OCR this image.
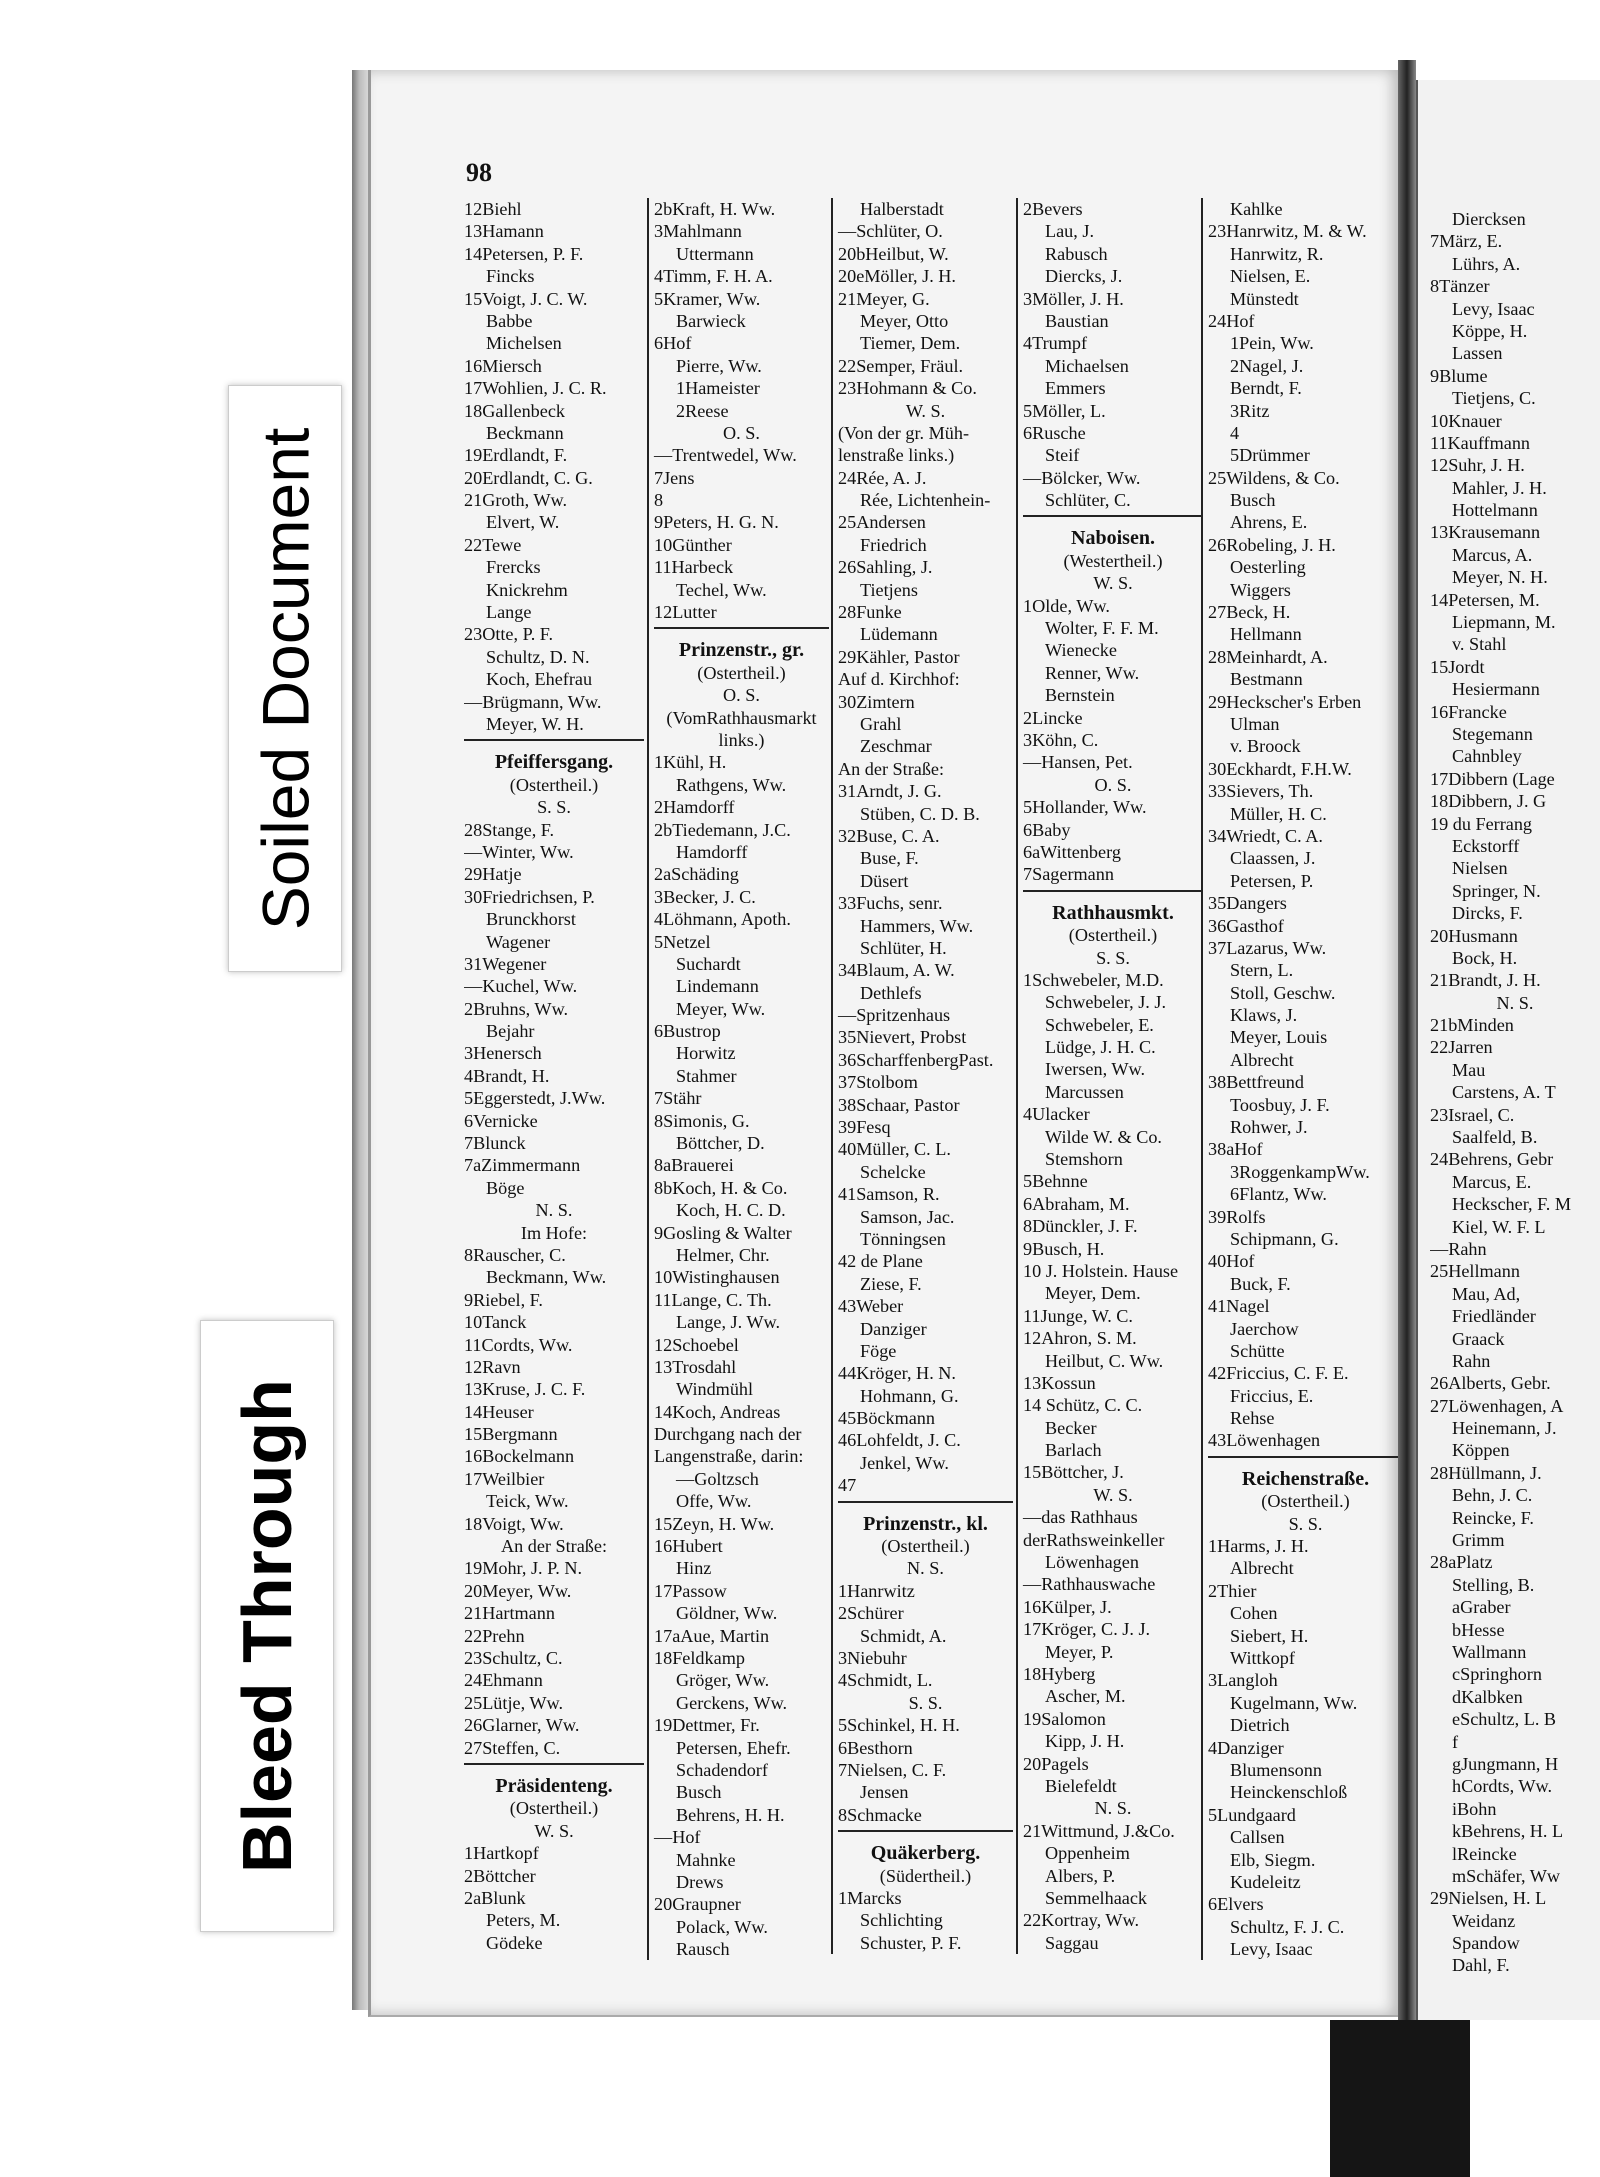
98
12Biehl
13Hamann
14Petersen, P. F.
Fincks
15Voigt, J. C. W.
Babbe
Michelsen
16Miersch
17Wohlien, J. C. R.
18Gallenbeck
Beckmann
19Erdlandt, F.
20Erdlandt, C. G.
21Groth, Ww.
Elvert, W.
22Tewe
Frercks
Knickrehm
Lange
23Otte, P. F.
Schultz, D. N.
Koch, Ehefrau
—Brügmann, Ww.
Meyer, W. H.
Pfeiffersgang.
(Ostertheil.)
S. S.
28Stange, F.
—Winter, Ww.
29Hatje
30Friedrichsen, P.
Brunckhorst
Wagener
31Wegener
—Kuchel, Ww.
2Bruhns, Ww.
Bejahr
3Henersch
4Brandt, H.
5Eggerstedt, J.Ww.
6Vernicke
7Blunck
7aZimmermann
Böge
N. S.
Im Hofe:
8Rauscher, C.
Beckmann, Ww.
9Riebel, F.
10Tanck
11Cordts, Ww.
12Ravn
13Kruse, J. C. F.
14Heuser
15Bergmann
16Bockelmann
17Weilbier
Teick, Ww.
18Voigt, Ww.
An der Straße:
19Mohr, J. P. N.
20Meyer, Ww.
21Hartmann
22Prehn
23Schultz, C.
24Ehmann
25Lütje, Ww.
26Glarner, Ww.
27Steffen, C.
Präsidenteng.
(Ostertheil.)
W. S.
1Hartkopf
2Böttcher
2aBlunk
Peters, M.
Gödeke
2bKraft, H. Ww.
3Mahlmann
Uttermann
4Timm, F. H. A.
5Kramer, Ww.
Barwieck
6Hof
Pierre, Ww.
1Hameister
2Reese
O. S.
—Trentwedel, Ww.
7Jens
8
9Peters, H. G. N.
10Günther
11Harbeck
Techel, Ww.
12Lutter
Prinzenstr., gr.
(Ostertheil.)
O. S.
(VomRathhausmarkt
links.)
1Kühl, H.
Rathgens, Ww.
2Hamdorff
2bTiedemann, J.C.
Hamdorff
2aSchäding
3Becker, J. C.
4Löhmann, Apoth.
5Netzel
Suchardt
Lindemann
Meyer, Ww.
6Bustrop
Horwitz
Stahmer
7Stähr
8Simonis, G.
Böttcher, D.
8aBrauerei
8bKoch, H. & Co.
Koch, H. C. D.
9Gosling & Walter
Helmer, Chr.
10Wistinghausen
11Lange, C. Th.
Lange, J. Ww.
12Schoebel
13Trosdahl
Windmühl
14Koch, Andreas
Durchgang nach der
Langenstraße, darin:
—Goltzsch
Offe, Ww.
15Zeyn, H. Ww.
16Hubert
Hinz
17Passow
Göldner, Ww.
17aAue, Martin
18Feldkamp
Gröger, Ww.
Gerckens, Ww.
19Dettmer, Fr.
Petersen, Ehefr.
Schadendorf
Busch
Behrens, H. H.
—Hof
Mahnke
Drews
20Graupner
Polack, Ww.
Rausch
Halberstadt
—Schlüter, O.
20bHeilbut, W.
20eMöller, J. H.
21Meyer, G.
Meyer, Otto
Tiemer, Dem.
22Semper, Fräul.
23Hohmann & Co.
W. S.
(Von der gr. Müh-
lenstraße links.)
24Rée, A. J.
Rée, Lichtenhein-
25Andersen
Friedrich
26Sahling, J.
Tietjens
28Funke
Lüdemann
29Kähler, Pastor
Auf d. Kirchhof:
30Zimtern
Grahl
Zeschmar
An der Straße:
31Arndt, J. G.
Stüben, C. D. B.
32Buse, C. A.
Buse, F.
Düsert
33Fuchs, senr.
Hammers, Ww.
Schlüter, H.
34Blaum, A. W.
Dethlefs
—Spritzenhaus
35Nievert, Probst
36ScharffenbergPast.
37Stolbom
38Schaar, Pastor
39Fesq
40Müller, C. L.
Schelcke
41Samson, R.
Samson, Jac.
Tönningsen
42 de Plane
Ziese, F.
43Weber
Danziger
Föge
44Kröger, H. N.
Hohmann, G.
45Böckmann
46Lohfeldt, J. C.
Jenkel, Ww.
47
Prinzenstr., kl.
(Ostertheil.)
N. S.
1Hanrwitz
2Schürer
Schmidt, A.
3Niebuhr
4Schmidt, L.
S. S.
5Schinkel, H. H.
6Besthorn
7Nielsen, C. F.
Jensen
8Schmacke
Quäkerberg.
(Südertheil.)
1Marcks
Schlichting
Schuster, P. F.
2Bevers
Lau, J.
Rabusch
Diercks, J.
3Möller, J. H.
Baustian
4Trumpf
Michaelsen
Emmers
5Möller, L.
6Rusche
Steif
—Bölcker, Ww.
Schlüter, C.
Naboisen.
(Westertheil.)
W. S.
1Olde, Ww.
Wolter, F. F. M.
Wienecke
Renner, Ww.
Bernstein
2Lincke
3Köhn, C.
—Hansen, Pet.
O. S.
5Hollander, Ww.
6Baby
6aWittenberg
7Sagermann
Rathhausmkt.
(Ostertheil.)
S. S.
1Schwebeler, M.D.
Schwebeler, J. J.
Schwebeler, E.
Lüdge, J. H. C.
Iwersen, Ww.
Marcussen
4Ulacker
Wilde W. & Co.
Stemshorn
5Behnne
6Abraham, M.
8Dünckler, J. F.
9Busch, H.
10 J. Holstein. Hause
Meyer, Dem.
11Junge, W. C.
12Ahron, S. M.
Heilbut, C. Ww.
13Kossun
14 Schütz, C. C.
Becker
Barlach
15Böttcher, J.
W. S.
—das Rathhaus
derRathsweinkeller
Löwenhagen
—Rathhauswache
16Külper, J.
17Kröger, C. J. J.
Meyer, P.
18Hyberg
Ascher, M.
19Salomon
Kipp, J. H.
20Pagels
Bielefeldt
N. S.
21Wittmund, J.&Co.
Oppenheim
Albers, P.
Semmelhaack
22Kortray, Ww.
Saggau
Kahlke
23Hanrwitz, M. & W.
Hanrwitz, R.
Nielsen, E.
Münstedt
24Hof
1Pein, Ww.
2Nagel, J.
Berndt, F.
3Ritz
4
5Drümmer
25Wildens, & Co.
Busch
Ahrens, E.
26Robeling, J. H.
Oesterling
Wiggers
27Beck, H.
Hellmann
28Meinhardt, A.
Bestmann
29Heckscher's Erben
Ulman
v. Broock
30Eckhardt, F.H.W.
33Sievers, Th.
Müller, H. C.
34Wriedt, C. A.
Claassen, J.
Petersen, P.
35Dangers
36Gasthof
37Lazarus, Ww.
Stern, L.
Stoll, Geschw.
Klaws, J.
Meyer, Louis
Albrecht
38Bettfreund
Toosbuy, J. F.
Rohwer, J.
38aHof
3RoggenkampWw.
6Flantz, Ww.
39Rolfs
Schipmann, G.
40Hof
Buck, F.
41Nagel
Jaerchow
Schütte
42Friccius, C. F. E.
Friccius, E.
Rehse
43Löwenhagen
Reichenstraße.
(Ostertheil.)
S. S.
1Harms, J. H.
Albrecht
2Thier
Cohen
Siebert, H.
Wittkopf
3Langloh
Kugelmann, Ww.
Dietrich
4Danziger
Blumensonn
Heinckenschloß
5Lundgaard
Callsen
Elb, Siegm.
Kudeleitz
6Elvers
Schultz, F. J. C.
Levy, Isaac
Diercksen
7März, E.
Lührs, A.
8Tänzer
Levy, Isaac
Köppe, H.
Lassen
9Blume
Tietjens, C.
10Knauer
11Kauffmann
12Suhr, J. H.
Mahler, J. H.
Hottelmann
13Krausemann
Marcus, A.
Meyer, N. H.
14Petersen, M.
Liepmann, M.
v. Stahl
15Jordt
Hesiermann
16Francke
Stegemann
Cahnbley
17Dibbern (Lage
18Dibbern, J. G
19 du Ferrang
Eckstorff
Nielsen
Springer, N.
Dircks, F.
20Husmann
Bock, H.
21Brandt, J. H.
N. S.
21bMinden
22Jarren
Mau
Carstens, A. T
23Israel, C.
Saalfeld, B.
24Behrens, Gebr
Marcus, E.
Heckscher, F. M
Kiel, W. F. L
—Rahn
25Hellmann
Mau, Ad,
Friedländer
Graack
Rahn
26Alberts, Gebr.
27Löwenhagen, A
Heinemann, J.
Köppen
28Hüllmann, J.
Behn, J. C.
Reincke, F.
Grimm
28aPlatz
Stelling, B.
aGraber
bHesse
Wallmann
cSpringhorn
dKalbken
eSchultz, L. B
f
gJungmann, H
hCordts, Ww.
iBohn
kBehrens, H. L
lReincke
mSchäfer, Ww
29Nielsen, H. L
Weidanz
Spandow
Dahl, F.
Soiled Document
Bleed Through
